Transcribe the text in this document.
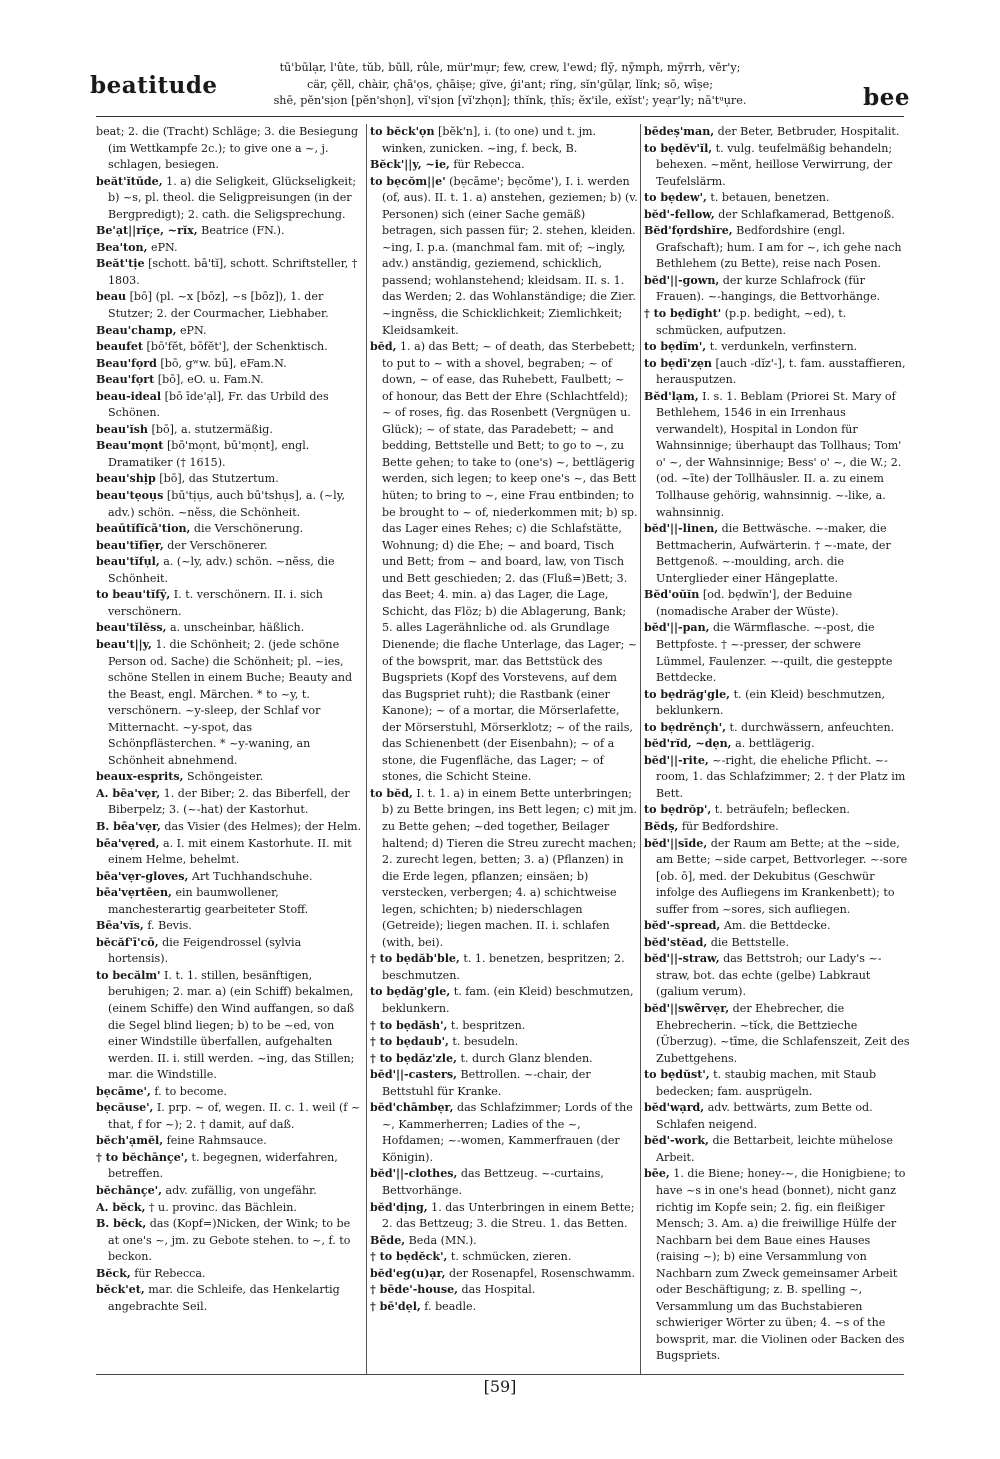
beatitude	bee
tū'būlạr, l'ûte, tŭb, bŭll, rûle, mür'mụr; few, crew, l'ewd; flȳ, nȳmph, mỹrrh, vĕr'y;
cär, çĕll, chàir, çhā'ọs, çhāiṣe; gïve, ǵi'ant; rĭng, sĭn'gūlạr, lĭnk; sō, wīṣe;
shē, pĕn'sịon [pĕn'shọn], vĭ'sịon [vĭ'zhọn]; thĭnk, ṭhĭs; ĕx'ile, eẋĭst'; yeạr'ly; nā'tᵘụre.

beat; 2. die (Tracht) Schläge; 3. die Besiegung (im Wettkampfe 2c.); to give one a ~, j. schlagen, besiegen.

beăt'ĭtūde, 1. a) die Seligkeit, Glückseligkeit; b) ~s, pl. theol. die Seligpreisungen (in der Bergpredigt); 2. cath. die Seligsprechung.

Be'ạt||rĭçe, ~rĭx, Beatrice (FN.).

Bea'ton, ePN.

Beăt'tịe [schott. bā'tĭ], schott. Schriftsteller, † 1803.

beau [bō] (pl. ~x [bōz], ~s [bōz]), 1. der Stutzer; 2. der Courmacher, Liebhaber.

Beau'champ, ePN.

beaufet [bō'fĕt, bōfĕt'], der Schenktisch.

Beau'fọrd [bō, gʷw. bū], eFam.N.

Beau'fọrt [bō], eO. u. Fam.N.

beau-ideal [bō īde'ạl], Fr. das Urbild des Schönen.

beau'ĭsh [bō], a. stutzermäßig.

Beau'mọnt [bō'mọnt, bū'mọnt], engl. Dramatiker († 1615).

beau'shịp [bō], das Stutzertum.

beau'tẹoụs [bū'tịụs, auch bū'tshụs], a. (~ly, adv.) schön. ~nĕss, die Schönheit.

beaūtĭfĭcā'tion, die Verschönerung.

beau'tĭfīẹr, der Verschönerer.

beau'tĭfụl, a. (~ly, adv.) schön. ~nĕss, die Schönheit.

to beau'tĭfȳ, I. t. verschönern. II. i. sich verschönern.

beau'tĭlĕss, a. unscheinbar, häßlich.

beau't||y, 1. die Schönheit; 2. (jede schöne Person od. Sache) die Schönheit; pl. ~ies, schöne Stellen in einem Buche; Beauty and the Beast, engl. Märchen. * to ~y, t. verschönern. ~y-sleep, der Schlaf vor Mitternacht. ~y-spot, das Schönpflästerchen. * ~y-waning, an Schönheit abnehmend.

beaux-esprits, Schöngeister.

A. bēa'vẹr, 1. der Biber; 2. das Biberfell, der Biberpelz; 3. (~-hat) der Kastorhut.

B. bēa'vẹr, das Visier (des Helmes); der Helm.

bēa'vẹred, a. I. mit einem Kastorhute. II. mit einem Helme, behelmt.

bēa'vẹr-gloves, Art Tuchhandschuhe.

bēa'vẹrtēen, ein baumwollener, manchesterartig gearbeiteter Stoff.

Bēa'vĭs, f. Bevis.

bĕcăf'ī'cō, die Feigendrossel (sylvia hortensis).

to becălm' I. t. 1. stillen, besänftigen, beruhigen; 2. mar. a) (ein Schiff) bekalmen, (einem Schiffe) den Wind auffangen, so daß die Segel blind liegen; b) to be ~ed, von einer Windstille überfallen, aufgehalten werden. II. i. still werden. ~ing, das Stillen; mar. die Windstille.

bẹcāme', f. to become.

bẹcăuse', I. prp. ~ of, wegen. II. c. 1. weil (f ~ that, f for ~); 2. † damit, auf daß.

bĕch'ạmĕl, feine Rahmsauce.

† to bĕchānçe', t. begegnen, widerfahren, betreffen.

bĕchānçe', adv. zufällig, von ungefähr.

A. bĕck, † u. provinc. das Bächlein.

B. bĕck, das (Kopf=)Nicken, der Wink; to be at one's ~, jm. zu Gebote stehen. to ~, f. to beckon.

Bĕck, für Rebecca.

bĕck'et, mar. die Schleife, das Henkelartig angebrachte Seil.

to bĕck'ọn [bĕk'n], i. (to one) und t. jm. winken, zunicken. ~ing, f. beck, B.

Bĕck'||y, ~ie, für Rebecca.

to bẹcŏm||e' (bẹcāme'; bẹcŏme'), I. i. werden (of, aus). II. t. 1. a) anstehen, geziemen; b) (v. Personen) sich (einer Sache gemäß) betragen, sich passen für; 2. stehen, kleiden. ~ing, I. p.a. (manchmal fam. mit of; ~ingly, adv.) anständig, geziemend, schicklich, passend; wohlanstehend; kleidsam. II. s. 1. das Werden; 2. das Wohlanständige; die Zier. ~ingnĕss, die Schicklichkeit; Ziemlichkeit; Kleidsamkeit.

bĕd, 1. a) das Bett; ~ of death, das Sterbebett; to put to ~ with a shovel, begraben; ~ of down, ~ of ease, das Ruhebett, Faulbett; ~ of honour, das Bett der Ehre (Schlachtfeld); ~ of roses, fig. das Rosenbett (Vergnügen u. Glück); ~ of state, das Paradebett; ~ and bedding, Bettstelle und Bett; to go to ~, zu Bette gehen; to take to (one's) ~, bettlägerig werden, sich legen; to keep one's ~, das Bett hüten; to bring to ~, eine Frau entbinden; to be brought to ~ of, niederkommen mit; b) sp. das Lager eines Rehes; c) die Schlafstätte, Wohnung; d) die Ehe; ~ and board, Tisch und Bett; from ~ and board, law, von Tisch und Bett geschieden; 2. das (Fluß=)Bett; 3. das Beet; 4. min. a) das Lager, die Lage, Schicht, das Flöz; b) die Ablagerung, Bank; 5. alles Lagerähnliche od. als Grundlage Dienende; die flache Unterlage, das Lager; ~ of the bowsprit, mar. das Bettstück des Bugspriets (Kopf des Vorstevens, auf dem das Bugspriet ruht); die Rastbank (einer Kanone); ~ of a mortar, die Mörserlafette, der Mörserstuhl, Mörserklotz; ~ of the rails, das Schienenbett (der Eisenbahn); ~ of a stone, die Fugenfläche, das Lager; ~ of stones, die Schicht Steine.

to bĕd, I. t. 1. a) in einem Bette unterbringen; b) zu Bette bringen, ins Bett legen; c) mit jm. zu Bette gehen; ~ded together, Beilager haltend; d) Tieren die Streu zurecht machen; 2. zurecht legen, betten; 3. a) (Pflanzen) in die Erde legen, pflanzen; einsäen; b) verstecken, verbergen; 4. a) schichtweise legen, schichten; b) niederschlagen (Getreide); liegen machen. II. i. schlafen (with, bei).

† to bẹdăb'ble, t. 1. benetzen, bespritzen; 2. beschmutzen.

to bẹdăg'gle, t. fam. (ein Kleid) beschmutzen, beklunkern.

† to bẹdăsh', t. bespritzen.

† to bẹdaub', t. besudeln.

† to bẹdăz'zle, t. durch Glanz blenden.

bĕd'||-casters, Bettrollen. ~-chair, der Bettstuhl für Kranke.

bĕd'chāmbẹr, das Schlafzimmer; Lords of the ~, Kammerherren; Ladies of the ~, Hofdamen; ~-women, Kammerfrauen (der Königin).

bĕd'||-clothes, das Bettzeug. ~-curtains, Bettvorhänge.

bĕd'dịng, 1. das Unterbringen in einem Bette; 2. das Bettzeug; 3. die Streu. 1. das Betten.

Bēde, Beda (MN.).

† to bẹdĕck', t. schmücken, zieren.

bĕd'eg(u)ạr, der Rosenapfel, Rosenschwamm.

† bēde'-house, das Hospital.

† bē'dẹl, f. beadle.

bēdeṣ'man, der Beter, Betbruder, Hospitalit.

to bẹdĕv'ĭl, t. vulg. teufelmäßig behandeln; behexen. ~mĕnt, heillose Verwirrung, der Teufelslärm.

to bẹdew', t. betauen, benetzen.

bĕd'-fellow, der Schlafkamerad, Bettgenoß.

Bĕd'fọrdshĭre, Bedfordshire (engl. Grafschaft); hum. I am for ~, ich gehe nach Bethlehem (zu Bette), reise nach Posen.

bĕd'||-gown, der kurze Schlafrock (für Frauen). ~-hangings, die Bettvorhänge.

† to bẹdĭght' (p.p. bedight, ~ed), t. schmücken, aufputzen.

to bẹdĭm', t. verdunkeln, verfinstern.

to bẹdī'zẹn [auch -dĭz'-], t. fam. ausstaffieren, herausputzen.

Bĕd'lạm, I. s. 1. Beblam (Priorei St. Mary of Bethlehem, 1546 in ein Irrenhaus verwandelt), Hospital in London für Wahnsinnige; überhaupt das Tollhaus; Tom' o' ~, der Wahnsinnige; Bess' o' ~, die W.; 2. (od. ~īte) der Tollhäusler. II. a. zu einem Tollhause gehörig, wahnsinnig. ~-like, a. wahnsinnig.

bĕd'||-linen, die Bettwäsche. ~-maker, die Bettmacherin, Aufwärterin. † ~-mate, der Bettgenoß. ~-moulding, arch. die Unterglieder einer Hängeplatte.

Bĕd'oŭĭn [od. bẹdwĭn'], der Beduine (nomadische Araber der Wüste).

bĕd'||-pan, die Wärmflasche. ~-post, die Bettpfoste. † ~-presser, der schwere Lümmel, Faulenzer. ~-quilt, die gesteppte Bettdecke.

to bẹdrăg'gle, t. (ein Kleid) beschmutzen, beklunkern.

to bẹdrĕnçh', t. durchwässern, anfeuchten.

bĕd'rĭd, ~dẹn, a. bettlägerig.

bĕd'||-rite, ~-right, die eheliche Pflicht. ~-room, 1. das Schlafzimmer; 2. † der Platz im Bett.

to bẹdrŏp', t. beträufeln; beflecken.

Bĕdṣ, für Bedfordshire.

bĕd'||sīde, der Raum am Bette; at the ~side, am Bette; ~side carpet, Bettvorleger. ~-sore [ob. ō], med. der Dekubitus (Geschwür infolge des Aufliegens im Krankenbett); to suffer from ~sores, sich aufliegen.

bĕd'-spread, Am. die Bettdecke.

bĕd'stĕad, die Bettstelle.

bĕd'||-straw, das Bettstroh; our Lady's ~-straw, bot. das echte (gelbe) Labkraut (galium verum).

bĕd'||swẽrvẹr, der Ehebrecher, die Ehebrecherin. ~tĭck, die Bettzieche (Überzug). ~tīme, die Schlafenszeit, Zeit des Zubettgehens.

to bẹdŭst', t. staubig machen, mit Staub bedecken; fam. ausprügeln.

bĕd'wạrd, adv. bettwärts, zum Bette od. Schlafen neigend.

bĕd'-work, die Bettarbeit, leichte mühelose Arbeit.

bēe, 1. die Biene; honey-~, die Honigbiene; to have ~s in one's head (bonnet), nicht ganz richtig im Kopfe sein; 2. fig. ein fleißiger Mensch; 3. Am. a) die freiwillige Hülfe der Nachbarn bei dem Baue eines Hauses (raising ~); b) eine Versammlung von Nachbarn zum Zweck gemeinsamer Arbeit oder Beschäftigung; z. B. spelling ~, Versammlung um das Buchstabieren schwieriger Wörter zu üben; 4. ~s of the bowsprit, mar. die Violinen oder Backen des Bugspriets.

[59]
